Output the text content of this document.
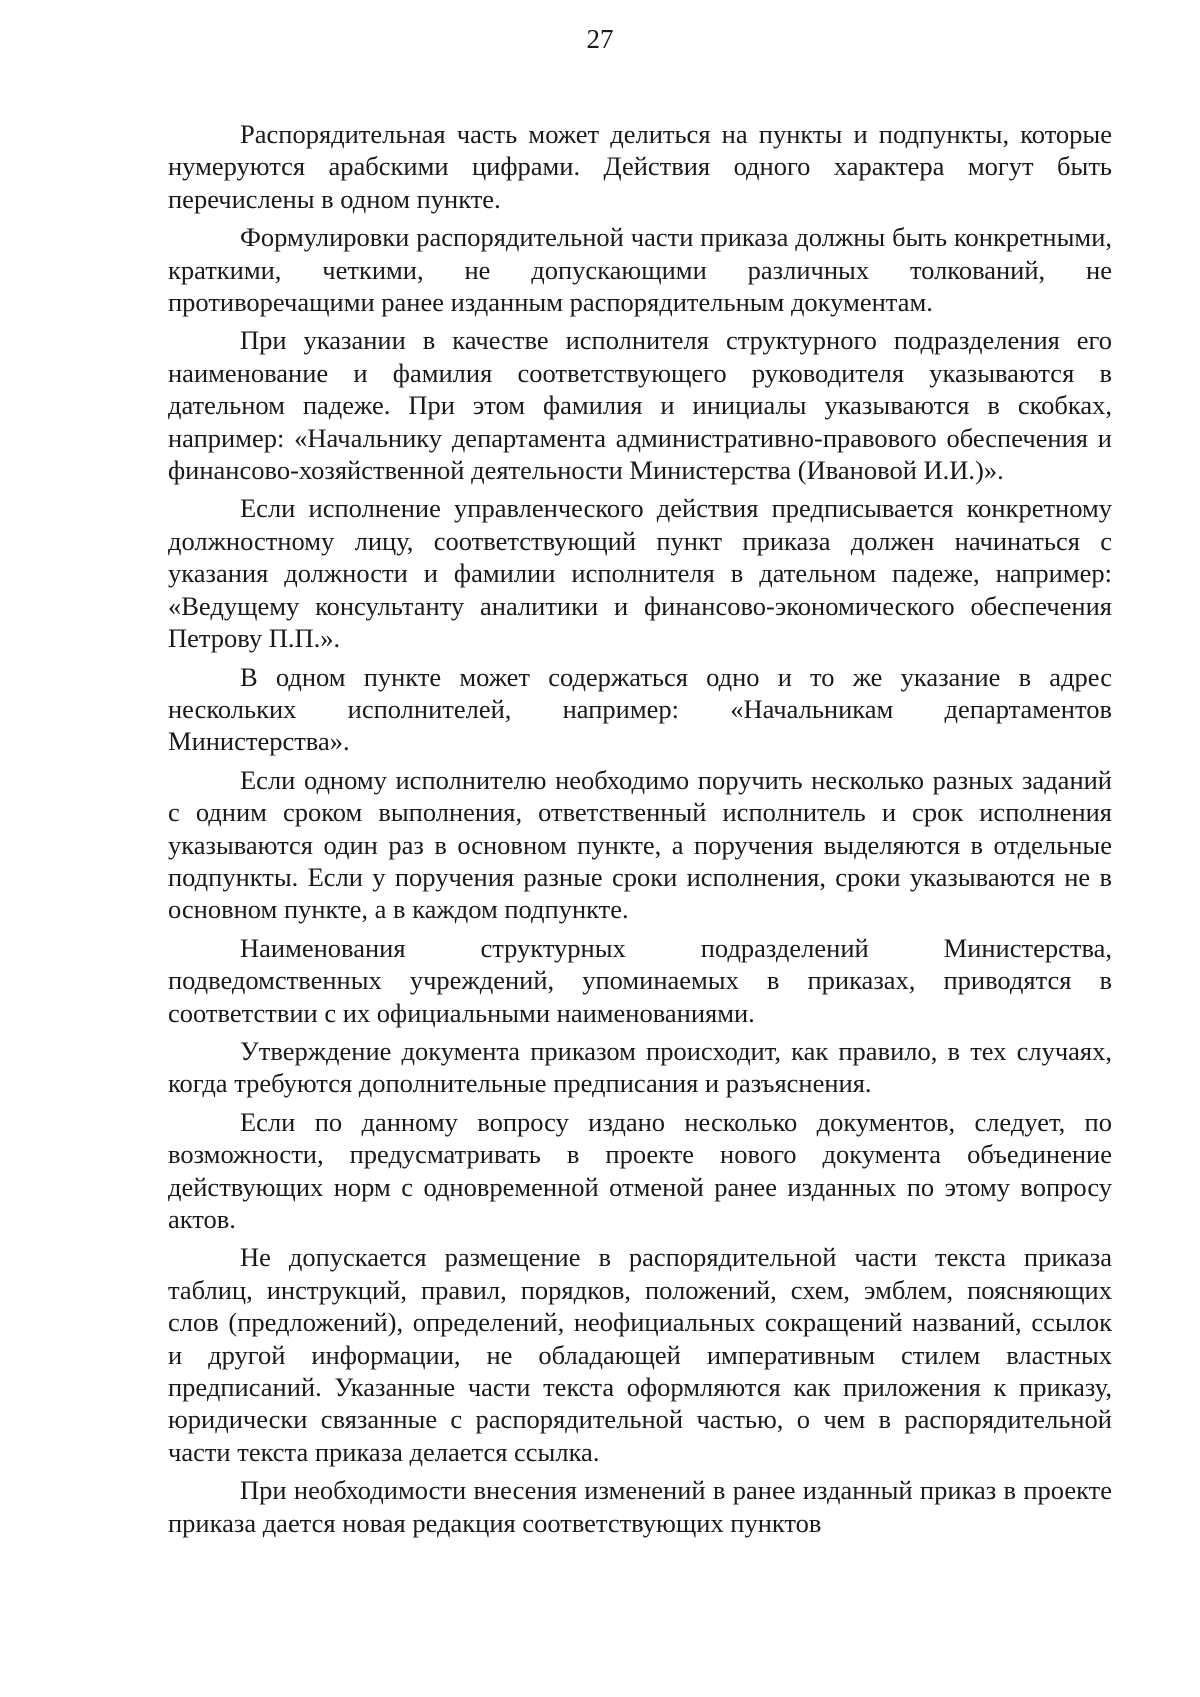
27

Распорядительная часть может делиться на пункты и подпункты, которые нумеруются арабскими цифрами. Действия одного характера могут быть перечислены в одном пункте.

Формулировки распорядительной части приказа должны быть конкретными, краткими, четкими, не допускающими различных толкований, не противоречащими ранее изданным распорядительным документам.

При указании в качестве исполнителя структурного подразделения его наименование и фамилия соответствующего руководителя указываются в дательном падеже. При этом фамилия и инициалы указываются в скобках, например: «Начальнику департамента административно-правового обеспечения и финансово-хозяйственной деятельности Министерства (Ивановой И.И.)».

Если исполнение управленческого действия предписывается конкретному должностному лицу, соответствующий пункт приказа должен начинаться с указания должности и фамилии исполнителя в дательном падеже, например: «Ведущему консультанту аналитики и финансово-экономического обеспечения Петрову П.П.».

В одном пункте может содержаться одно и то же указание в адрес нескольких исполнителей, например: «Начальникам департаментов Министерства».

Если одному исполнителю необходимо поручить несколько разных заданий с одним сроком выполнения, ответственный исполнитель и срок исполнения указываются один раз в основном пункте, а поручения выделяются в отдельные подпункты. Если у поручения разные сроки исполнения, сроки указываются не в основном пункте, а в каждом подпункте.

Наименования структурных подразделений Министерства, подведомственных учреждений, упоминаемых в приказах, приводятся в соответствии с их официальными наименованиями.

Утверждение документа приказом происходит, как правило, в тех случаях, когда требуются дополнительные предписания и разъяснения.

Если по данному вопросу издано несколько документов, следует, по возможности, предусматривать в проекте нового документа объединение действующих норм с одновременной отменой ранее изданных по этому вопросу актов.

Не допускается размещение в распорядительной части текста приказа таблиц, инструкций, правил, порядков, положений, схем, эмблем, поясняющих слов (предложений), определений, неофициальных сокращений названий, ссылок и другой информации, не обладающей императивным стилем властных предписаний. Указанные части текста оформляются как приложения к приказу, юридически связанные с распорядительной частью, о чем в распорядительной части текста приказа делается ссылка.

При необходимости внесения изменений в ранее изданный приказ в проекте приказа дается новая редакция соответствующих пунктов
